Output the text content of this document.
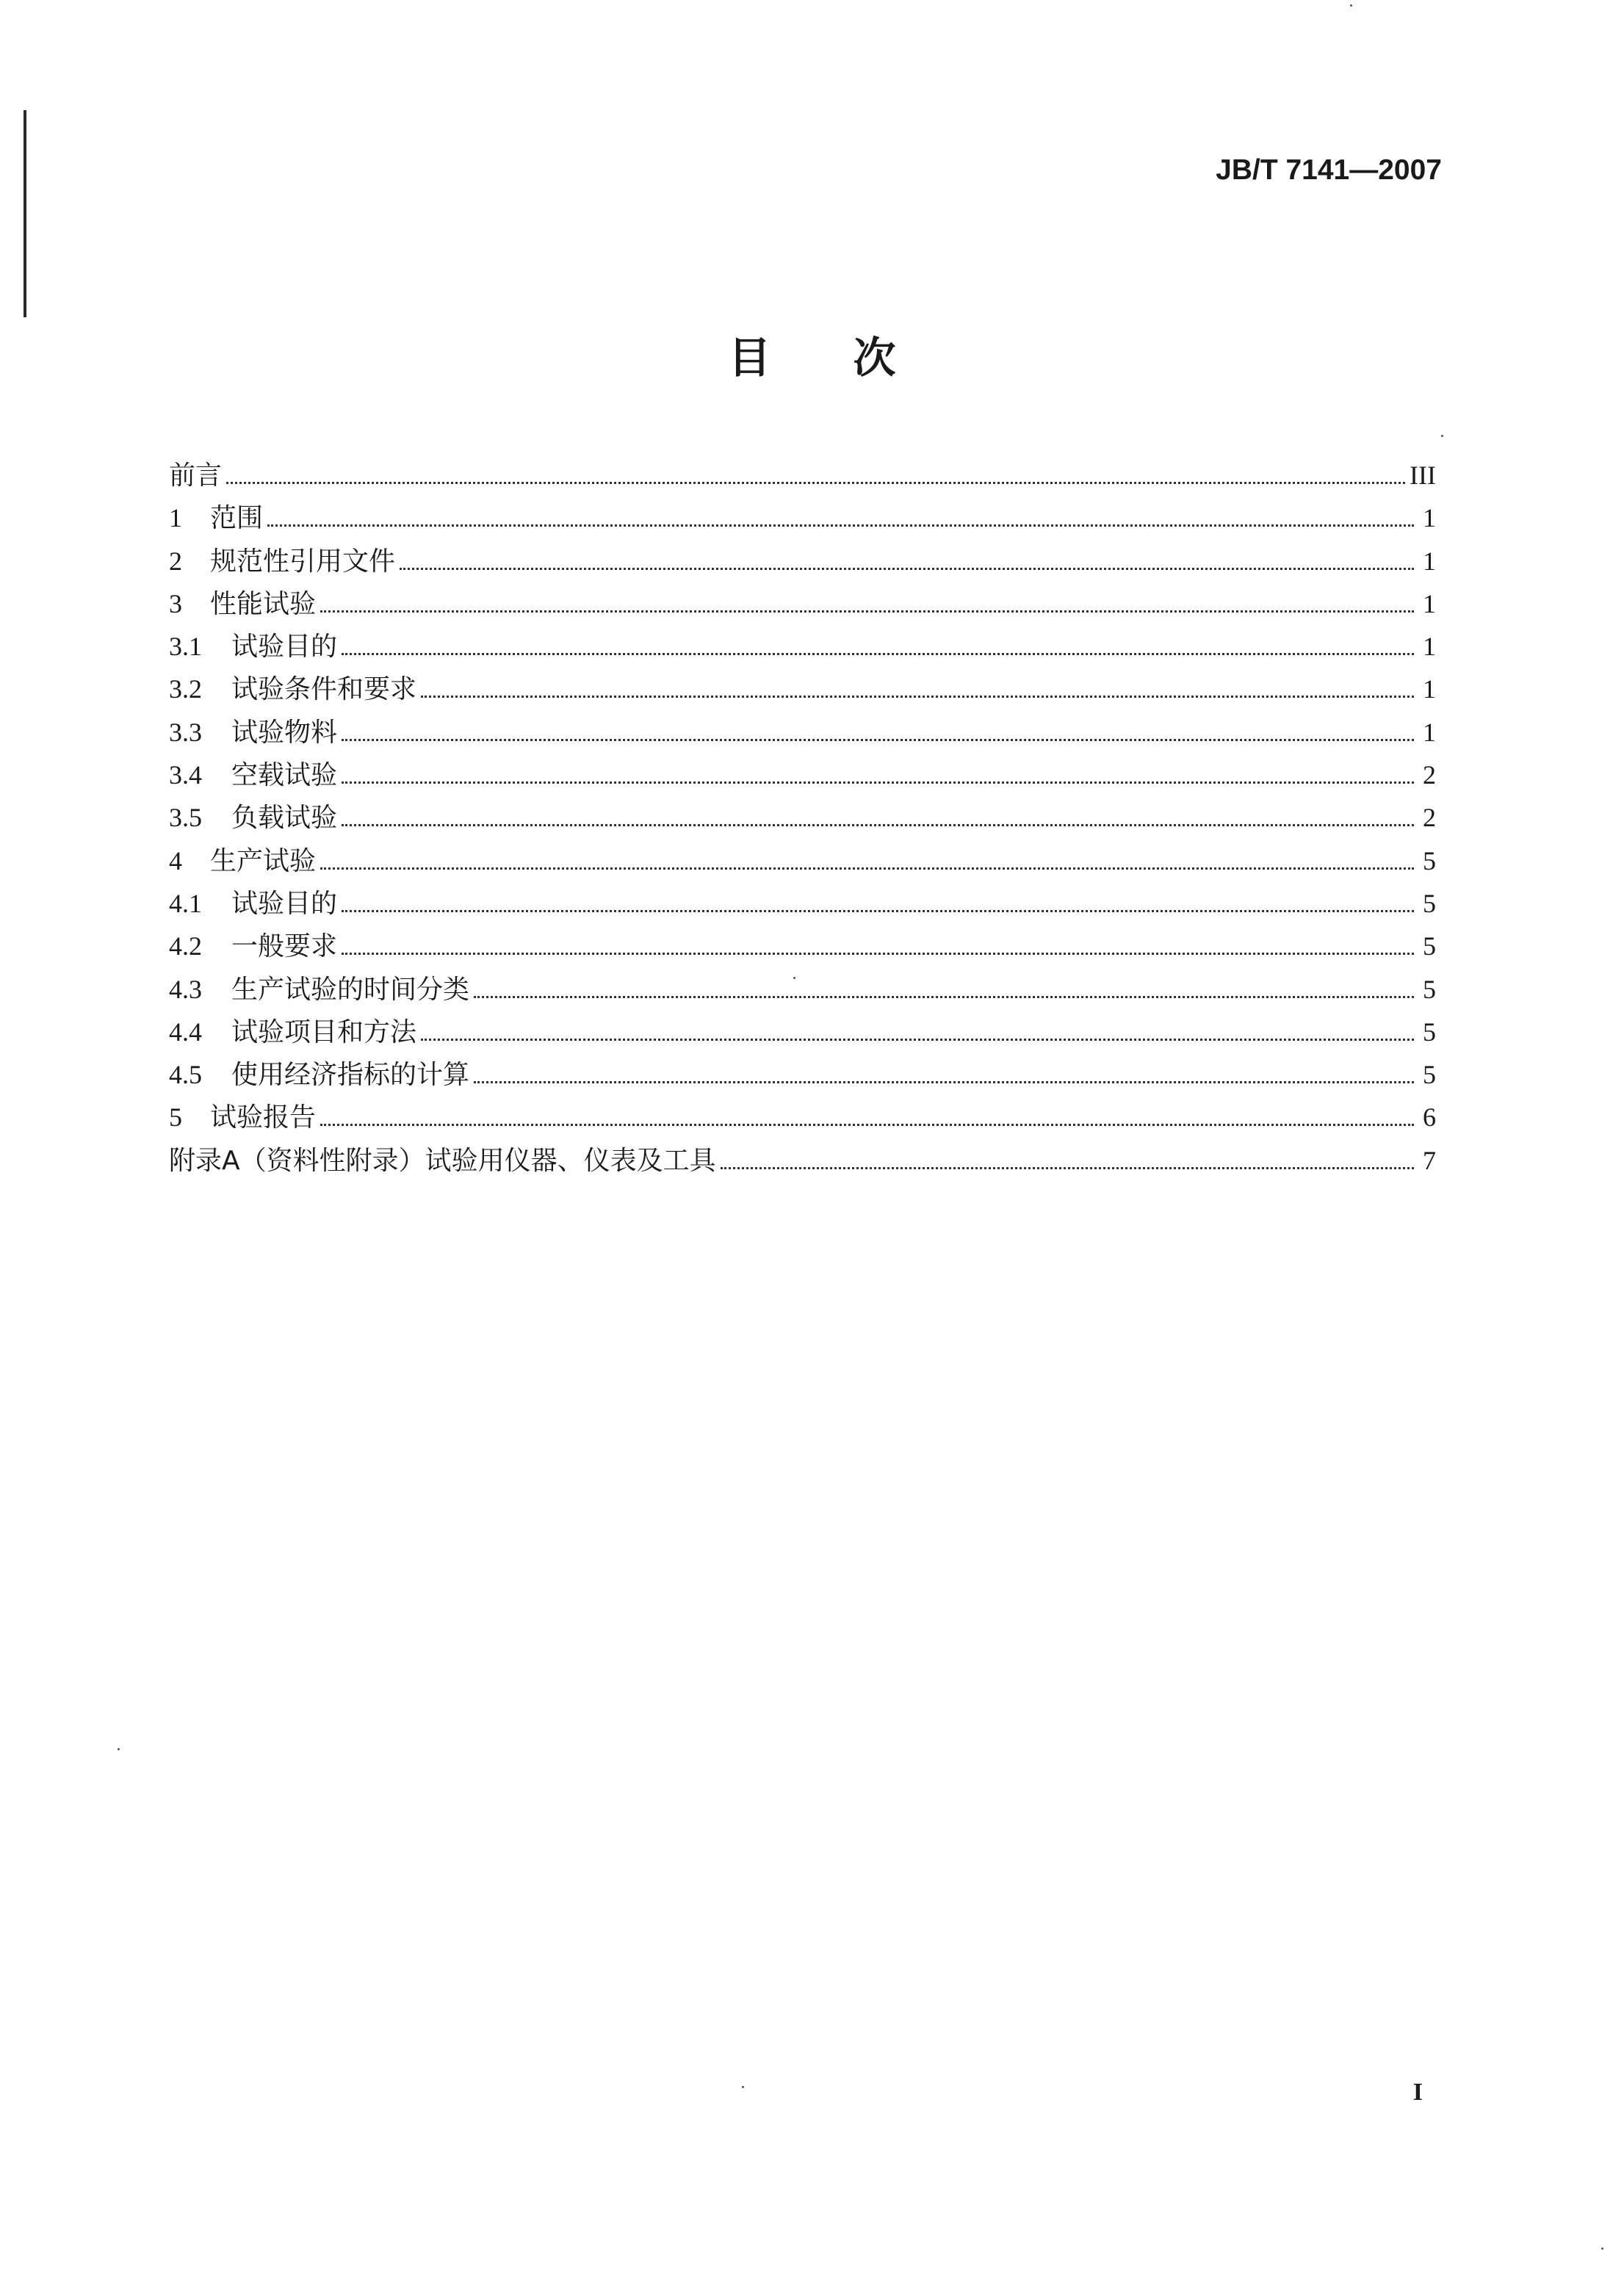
JB/T 7141—2007
目次
前言	III
1	范围	1
2	规范性引用文件	1
3	性能试验	1
3.1	试验目的	1
3.2	试验条件和要求	1
3.3	试验物料	1
3.4	空载试验	2
3.5	负载试验	2
4	生产试验	5
4.1	试验目的	5
4.2	一般要求	5
4.3	生产试验的时间分类	5
4.4	试验项目和方法	5
4.5	使用经济指标的计算	5
5	试验报告	6
附录A（资料性附录）试验用仪器、仪表及工具	7
I
